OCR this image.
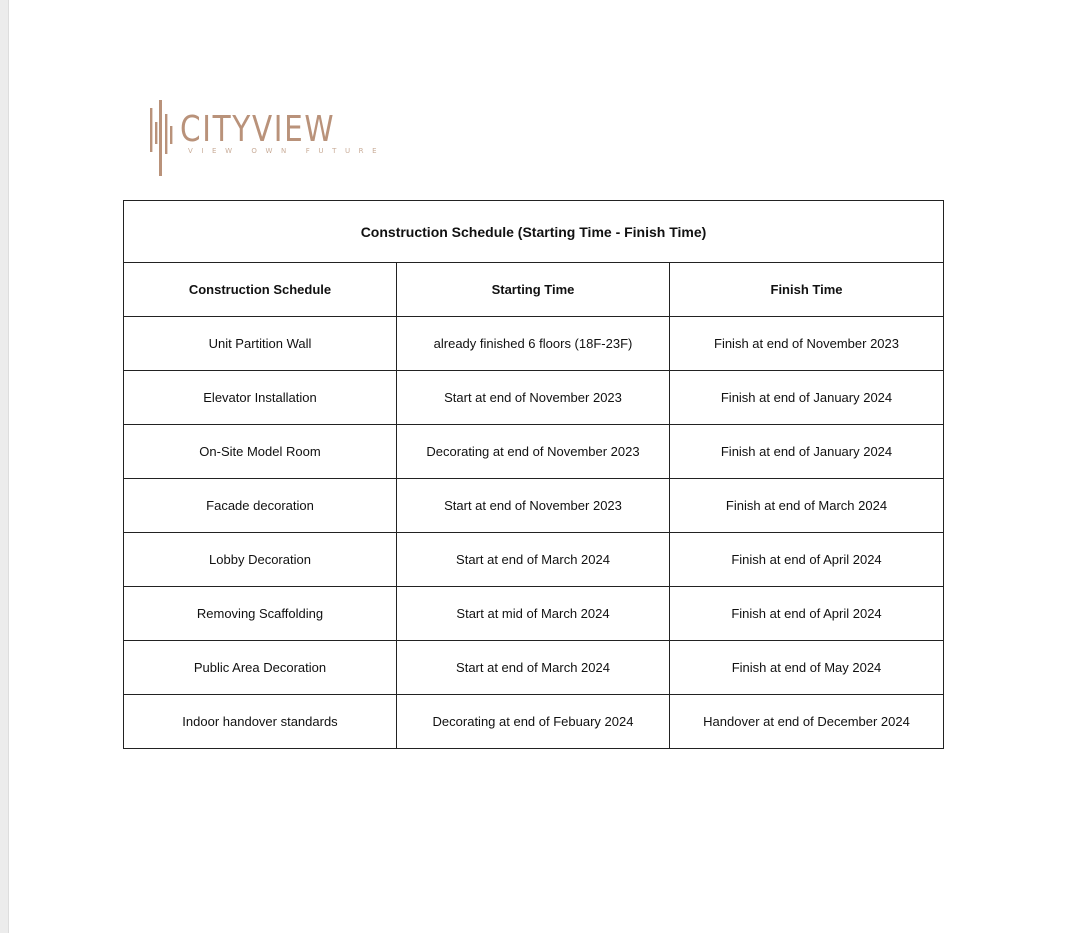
CITYVIEW
VIEW OWN FUTURE
Construction Schedule (Starting Time - Finish Time)		
Construction Schedule	Starting Time	Finish Time
Unit Partition Wall	already finished 6 floors (18F-23F)	Finish at end of November 2023
Elevator Installation	Start at end of November 2023	Finish at end of January 2024
On-Site Model Room	Decorating at end of November 2023	Finish at end of January 2024
Facade decoration	Start at end of November 2023	Finish at end of March 2024
Lobby Decoration	Start at end of March 2024	Finish at end of April 2024
Removing Scaffolding	Start at mid of March 2024	Finish at end of April 2024
Public Area Decoration	Start at end of March 2024	Finish at end of May 2024
Indoor handover standards	Decorating at end of Febuary 2024	Handover at end of December 2024
